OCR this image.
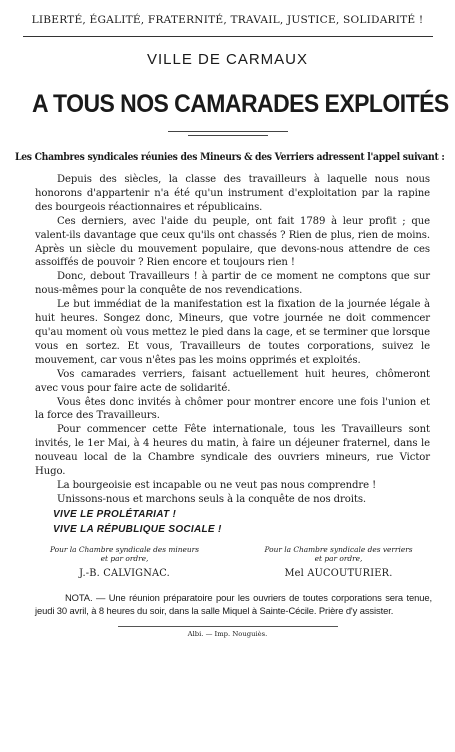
LIBERTÉ, ÉGALITÉ, FRATERNITÉ, TRAVAIL, JUSTICE, SOLIDARITÉ !
VILLE DE CARMAUX
A TOUS NOS CAMARADES EXPLOITÉS
Les Chambres syndicales réunies des Mineurs & des Verriers adressent l'appel suivant :

Depuis des siècles, la classe des travailleurs à laquelle nous nous honorons d'appartenir n'a été qu'un instrument d'exploitation par la rapine des bourgeois réactionnaires et républicains.

Ces derniers, avec l'aide du peuple, ont fait 1789 à leur profit ; que valent-ils davantage que ceux qu'ils ont chassés ? Rien de plus, rien de moins. Après un siècle du mouvement populaire, que devons-nous attendre de ces assoiffés de pouvoir ? Rien encore et toujours rien !

Donc, debout Travailleurs ! à partir de ce moment ne comptons que sur nous-mêmes pour la conquête de nos revendications.

Le but immédiat de la manifestation est la fixation de la journée légale à huit heures. Songez donc, Mineurs, que votre journée ne doit commencer qu'au moment où vous mettez le pied dans la cage, et se terminer que lorsque vous en sortez. Et vous, Travailleurs de toutes corporations, suivez le mouvement, car vous n'êtes pas les moins opprimés et exploités.

Vos camarades verriers, faisant actuellement huit heures, chômeront avec vous pour faire acte de solidarité.

Vous êtes donc invités à chômer pour montrer encore une fois l'union et la force des Travailleurs.

Pour commencer cette Fête internationale, tous les Travailleurs sont invités, le 1er Mai, à 4 heures du matin, à faire un déjeuner fraternel, dans le nouveau local de la Chambre syndicale des ouvriers mineurs, rue Victor Hugo.

La bourgeoisie est incapable ou ne veut pas nous comprendre !

Unissons-nous et marchons seuls à la conquête de nos droits.

VIVE LE PROLÉTARIAT !
VIVE LA RÉPUBLIQUE SOCIALE !
Pour la Chambre syndicale des mineurs
et par ordre,
J.-B. CALVIGNAC.
Pour la Chambre syndicale des verriers
et par ordre,
Mel AUCOUTURIER.

NOTA. — Une réunion préparatoire pour les ouvriers de toutes corporations sera tenue, jeudi 30 avril, à 8 heures du soir, dans la salle Miquel à Sainte-Cécile. Prière d'y assister.

Albi. — Imp. Nouguiès.
